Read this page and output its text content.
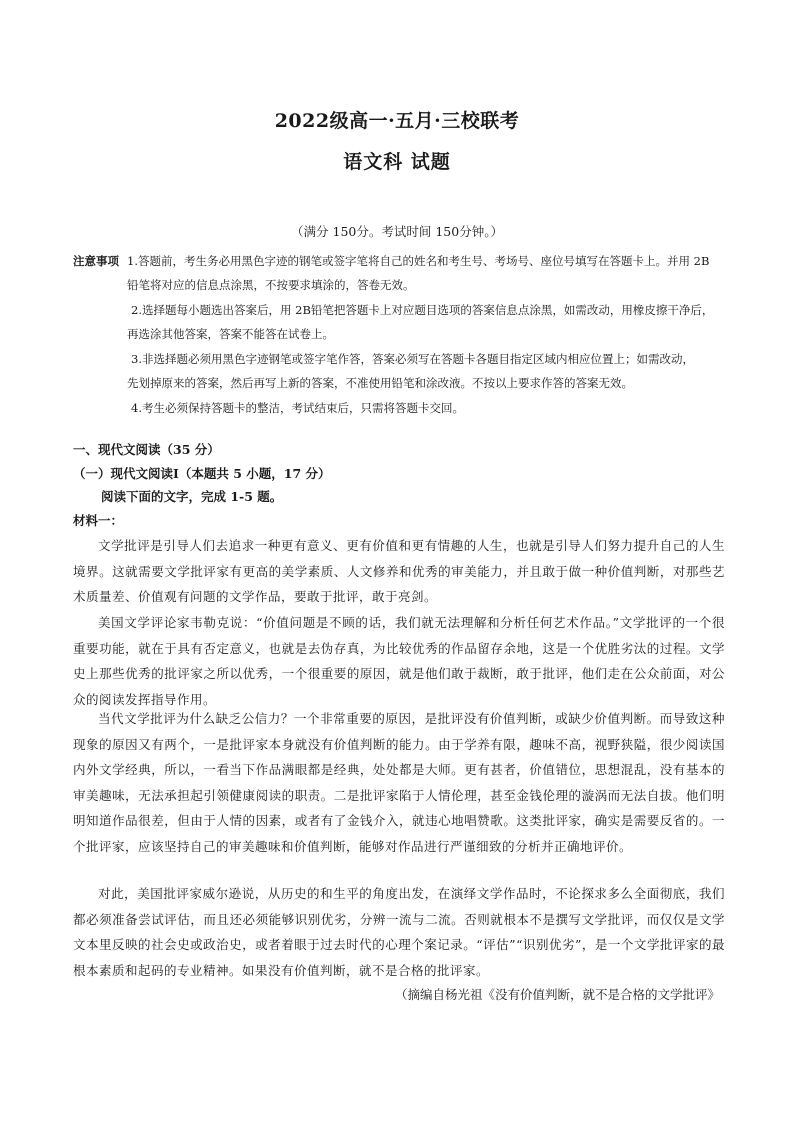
2022级高一·五月·三校联考
语文科 试题
（满分 150分。考试时间 150分钟。）
注意事项 1.答题前，考生务必用黑色字迹的钢笔或签字笔将自己的姓名和考生号、考场号、座位号填写在答题卡上。并用 2B
铅笔将对应的信息点涂黑，不按要求填涂的，答卷无效。
2.选择题每小题选出答案后，用 2B铅笔把答题卡上对应题目选项的答案信息点涂黑，如需改动，用橡皮擦干净后，
再选涂其他答案，答案不能答在试卷上。
3.非选择题必须用黑色字迹钢笔或签字笔作答，答案必须写在答题卡各题目指定区域内相应位置上；如需改动，
先划掉原来的答案，然后再写上新的答案，不准使用铅笔和涂改液。不按以上要求作答的答案无效。
4.考生必须保持答题卡的整洁，考试结束后，只需将答题卡交回。
一、现代文阅读（35 分）
（一）现代文阅读Ⅰ（本题共 5 小题，17 分）
阅读下面的文字，完成 1-5 题。
材料一：
文学批评是引导人们去追求一种更有意义、更有价值和更有情趣的人生，也就是引导人们努力提升自己的人生境界。这就需要文学批评家有更高的美学素质、人文修养和优秀的审美能力，并且敢于做一种价值判断，对那些艺术质量差、价值观有问题的文学作品，要敢于批评，敢于亮剑。
美国文学评论家韦勒克说：“价值问题是不顾的话，我们就无法理解和分析任何艺术作品。”文学批评的一个很重要功能，就在于具有否定意义，也就是去伪存真，为比较优秀的作品留存余地，这是一个优胜劣汰的过程。文学史上那些优秀的批评家之所以优秀，一个很重要的原因，就是他们敢于裁断，敢于批评，他们走在公众前面，对公众的阅读发挥指导作用。
当代文学批评为什么缺乏公信力？一个非常重要的原因，是批评没有价值判断，或缺少价值判断。而导致这种现象的原因又有两个，一是批评家本身就没有价值判断的能力。由于学养有限，趣味不高，视野狭隘，很少阅读国内外文学经典，所以，一看当下作品满眼都是经典，处处都是大师。更有甚者，价值错位，思想混乱，没有基本的审美趣味，无法承担起引领健康阅读的职责。二是批评家陷于人情伦理，甚至金钱伦理的漩涡而无法自拔。他们明明知道作品很差，但由于人情的因素，或者有了金钱介入，就违心地唱赞歌。这类批评家，确实是需要反省的。一个批评家，应该坚持自己的审美趣味和价值判断，能够对作品进行严谨细致的分析并正确地评价。
对此，美国批评家威尔逊说，从历史的和生平的角度出发，在演绎文学作品时，不论探求多么全面彻底，我们都必须准备尝试评估，而且还必须能够识别优劣，分辨一流与二流。否则就根本不是撰写文学批评，而仅仅是文学文本里反映的社会史或政治史，或者着眼于过去时代的心理个案记录。“评估”“识别优劣”，是一个文学批评家的最根本素质和起码的专业精神。如果没有价值判断，就不是合格的批评家。
（摘编自杨光祖《没有价值判断，就不是合格的文学批评》
